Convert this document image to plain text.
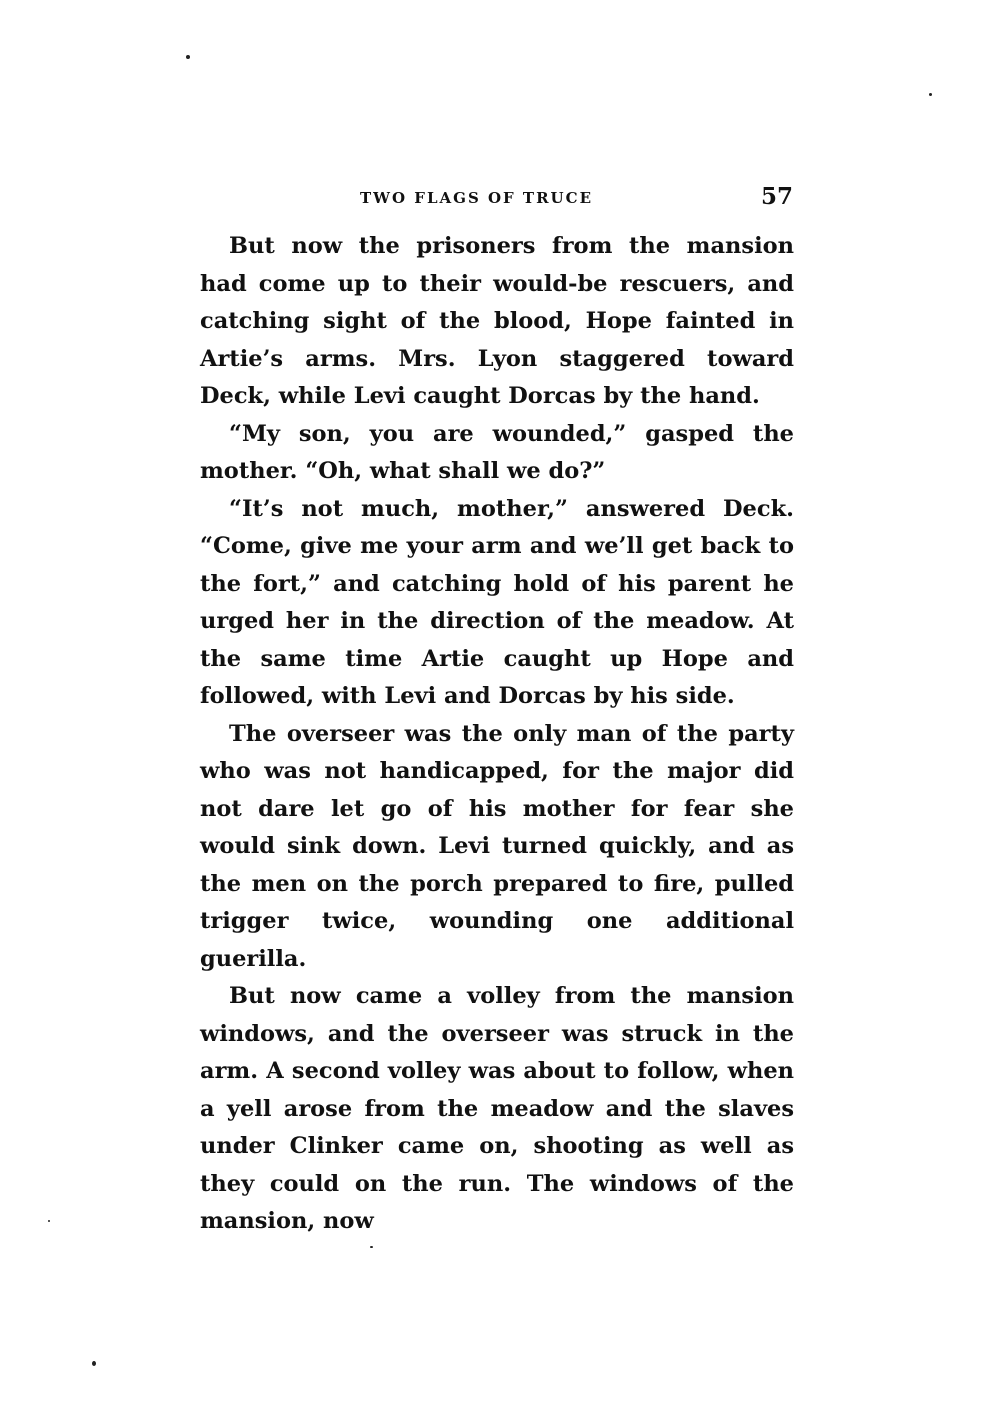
TWO FLAGS OF TRUCE	57

But now the prisoners from the mansion had come up to their would-be rescuers, and catching sight of the blood, Hope fainted in Artie’s arms. Mrs. Lyon staggered toward Deck, while Levi caught Dorcas by the hand.

“My son, you are wounded,” gasped the mother. “Oh, what shall we do?”

“It’s not much, mother,” answered Deck. “Come, give me your arm and we’ll get back to the fort,” and catching hold of his parent he urged her in the direction of the meadow. At the same time Artie caught up Hope and followed, with Levi and Dorcas by his side.

The overseer was the only man of the party who was not handicapped, for the major did not dare let go of his mother for fear she would sink down. Levi turned quickly, and as the men on the porch prepared to fire, pulled trigger twice, wounding one additional guerilla.

But now came a volley from the mansion windows, and the overseer was struck in the arm. A second volley was about to follow, when a yell arose from the meadow and the slaves under Clinker came on, shooting as well as they could on the run. The windows of the mansion, now
